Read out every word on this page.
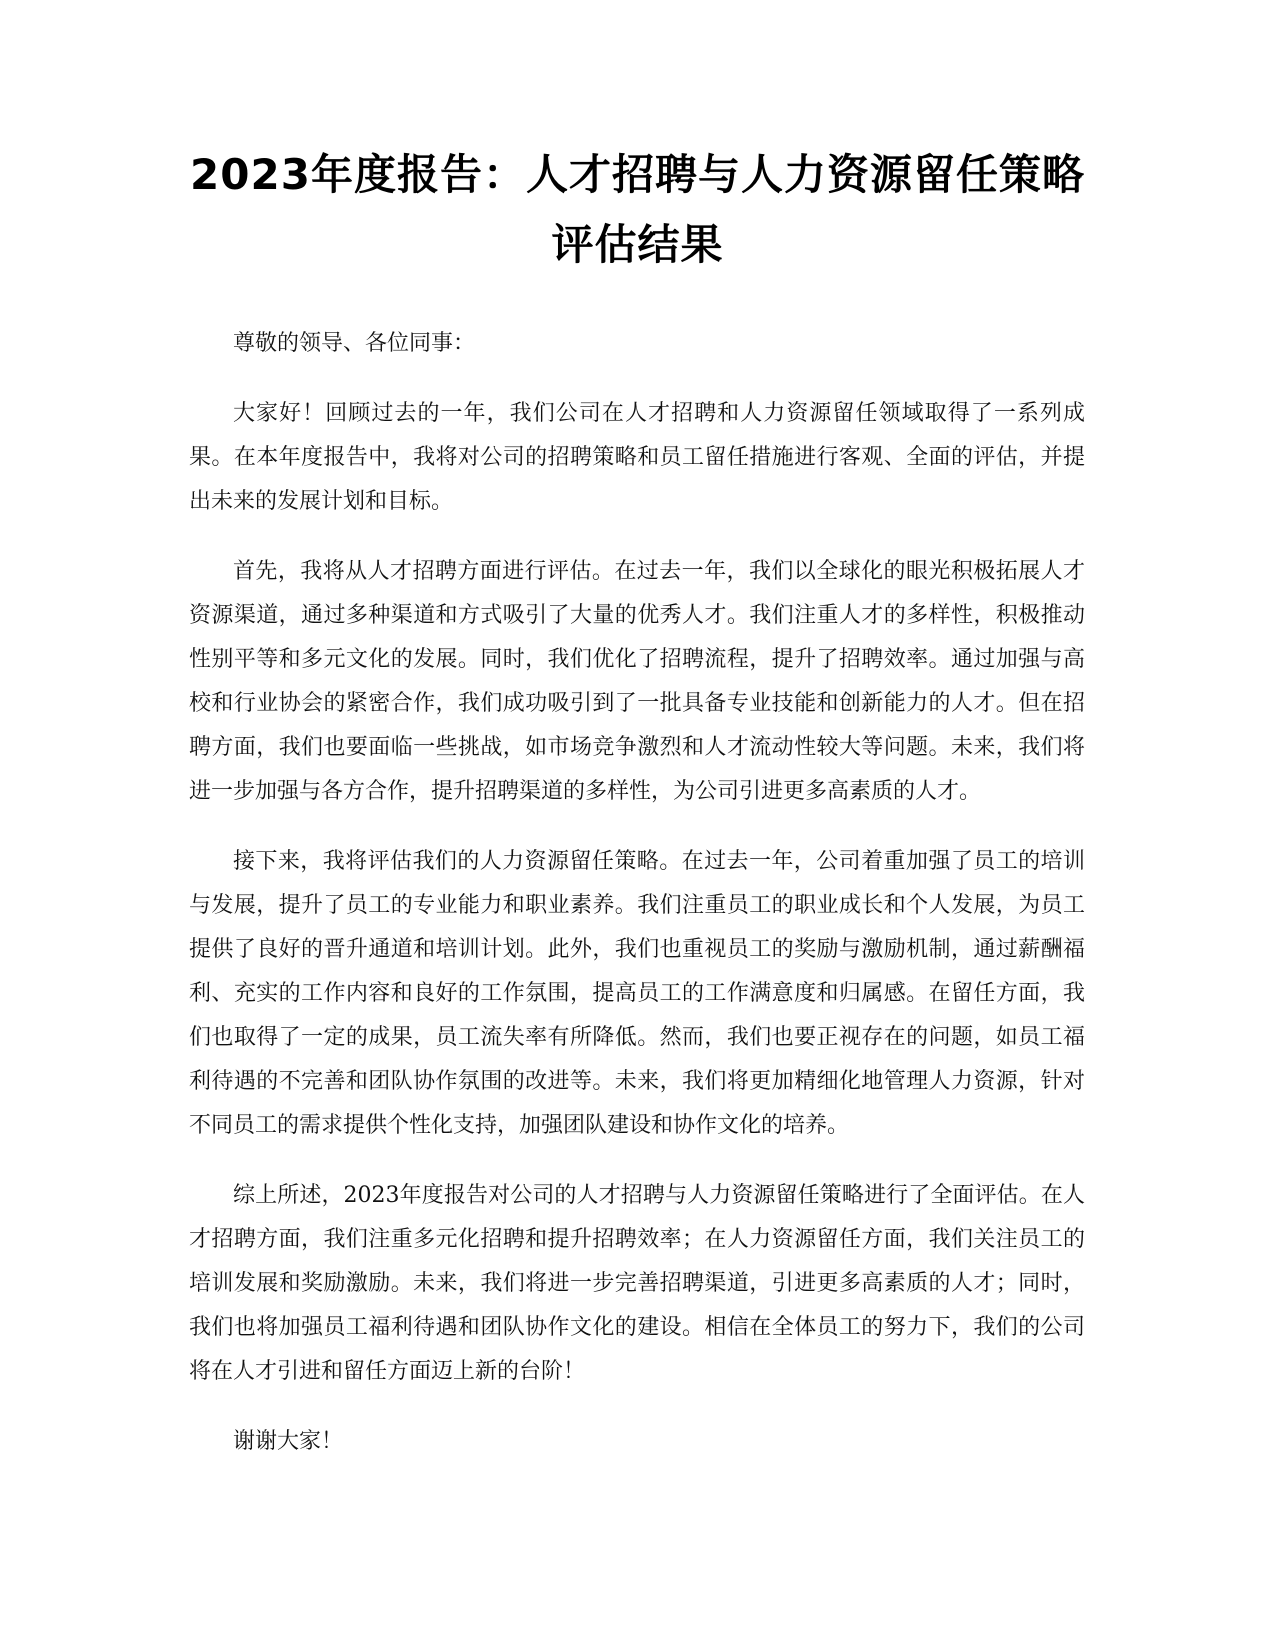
2023年度报告：人才招聘与人力资源留任策略评估结果

尊敬的领导、各位同事：

大家好！回顾过去的一年，我们公司在人才招聘和人力资源留任领域取得了一系列成果。在本年度报告中，我将对公司的招聘策略和员工留任措施进行客观、全面的评估，并提出未来的发展计划和目标。

首先，我将从人才招聘方面进行评估。在过去一年，我们以全球化的眼光积极拓展人才资源渠道，通过多种渠道和方式吸引了大量的优秀人才。我们注重人才的多样性，积极推动性别平等和多元文化的发展。同时，我们优化了招聘流程，提升了招聘效率。通过加强与高校和行业协会的紧密合作，我们成功吸引到了一批具备专业技能和创新能力的人才。但在招聘方面，我们也要面临一些挑战，如市场竞争激烈和人才流动性较大等问题。未来，我们将进一步加强与各方合作，提升招聘渠道的多样性，为公司引进更多高素质的人才。

接下来，我将评估我们的人力资源留任策略。在过去一年，公司着重加强了员工的培训与发展，提升了员工的专业能力和职业素养。我们注重员工的职业成长和个人发展，为员工提供了良好的晋升通道和培训计划。此外，我们也重视员工的奖励与激励机制，通过薪酬福利、充实的工作内容和良好的工作氛围，提高员工的工作满意度和归属感。在留任方面，我们也取得了一定的成果，员工流失率有所降低。然而，我们也要正视存在的问题，如员工福利待遇的不完善和团队协作氛围的改进等。未来，我们将更加精细化地管理人力资源，针对不同员工的需求提供个性化支持，加强团队建设和协作文化的培养。

综上所述，2023年度报告对公司的人才招聘与人力资源留任策略进行了全面评估。在人才招聘方面，我们注重多元化招聘和提升招聘效率；在人力资源留任方面，我们关注员工的培训发展和奖励激励。未来，我们将进一步完善招聘渠道，引进更多高素质的人才；同时，我们也将加强员工福利待遇和团队协作文化的建设。相信在全体员工的努力下，我们的公司将在人才引进和留任方面迈上新的台阶！

谢谢大家！
